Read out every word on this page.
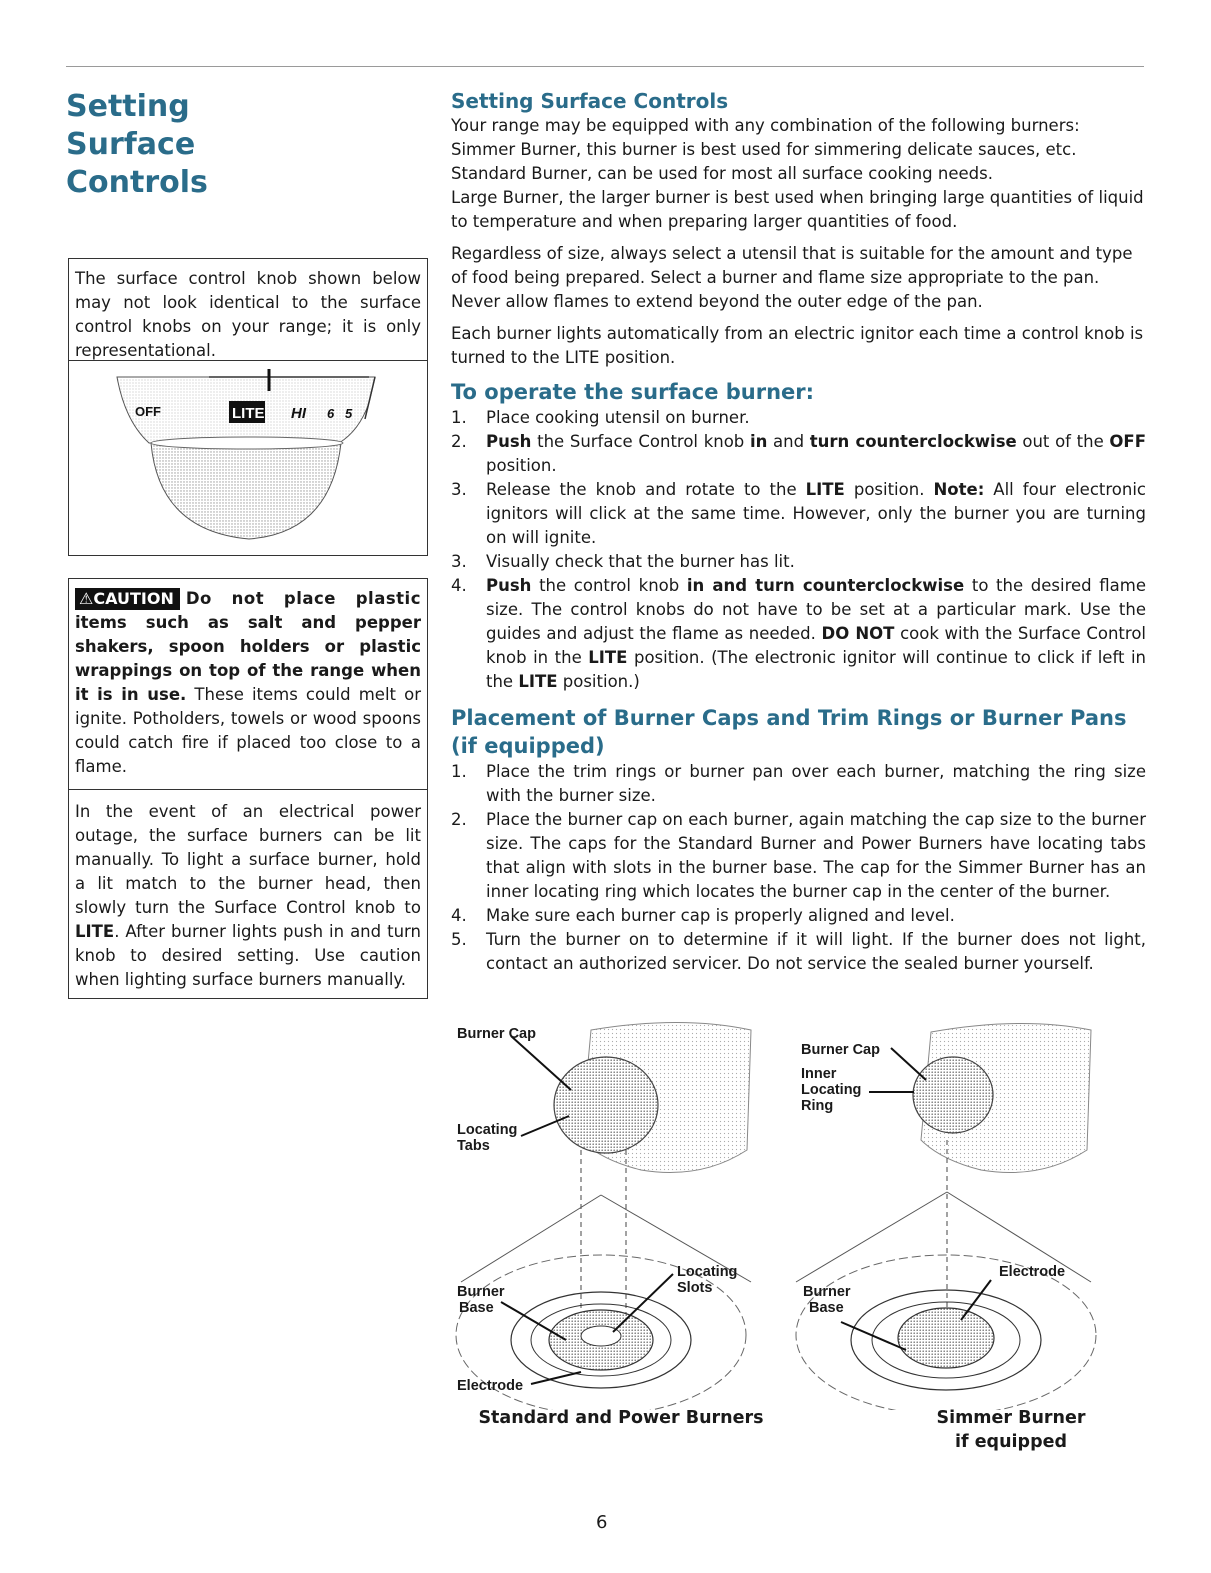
Setting Surface Controls
The surface control knob shown below may not look identical to the surface control knobs on your range; it is only representational.
OFF	LITE HI 6 5
⚠CAUTION Do not place plastic items such as salt and pepper shakers, spoon holders or plastic wrappings on top of the range when it is in use. These items could melt or ignite. Potholders, towels or wood spoons could catch fire if placed too close to a flame.
In the event of an electrical power outage, the surface burners can be lit manually. To light a surface burner, hold a lit match to the burner head, then slowly turn the Surface Control knob to LITE. After burner lights push in and turn knob to desired setting. Use caution when lighting surface burners manually.
Setting Surface Controls

Your range may be equipped with any combination of the following burners:

Simmer Burner, this burner is best used for simmering delicate sauces, etc.

Standard Burner, can be used for most all surface cooking needs.

Large Burner, the larger burner is best used when bringing large quantities of liquid to temperature and when preparing larger quantities of food.

Regardless of size, always select a utensil that is suitable for the amount and type of food being prepared. Select a burner and flame size appropriate to the pan. Never allow flames to extend beyond the outer edge of the pan.

Each burner lights automatically from an electric ignitor each time a control knob is turned to the LITE position.

To operate the surface burner:
1.	Place cooking utensil on burner.
2.	Push the Surface Control knob in and turn counterclockwise out of the OFF position.
3.	Release the knob and rotate to the LITE position. Note: All four electronic ignitors will click at the same time. However, only the burner you are turning on will ignite.
3.	Visually check that the burner has lit.
4.	Push the control knob in and turn counterclockwise to the desired flame size. The control knobs do not have to be set at a particular mark. Use the guides and adjust the flame as needed. DO NOT cook with the Surface Control knob in the LITE position. (The electronic ignitor will continue to click if left in the LITE position.)
Placement of Burner Caps and Trim Rings or Burner Pans (if equipped)
1.	Place the trim rings or burner pan over each burner, matching the ring size with the burner size.
2.	Place the burner cap on each burner, again matching the cap size to the burner size. The caps for the Standard Burner and Power Burners have locating tabs that align with slots in the burner base. The cap for the Simmer Burner has an inner locating ring which locates the burner cap in the center of the burner.
4.	Make sure each burner cap is properly aligned and level.
5.	Turn the burner on to determine if it will light. If the burner does not light, contact an authorized servicer. Do not service the sealed burner yourself.
Burner Cap
Locating
Tabs
Locating
Slots
Burner
Base
Electrode
Burner Cap
Inner
Locating
Ring
Electrode
Burner
Base
Standard and Power Burners	Simmer Burner
if equipped
6
